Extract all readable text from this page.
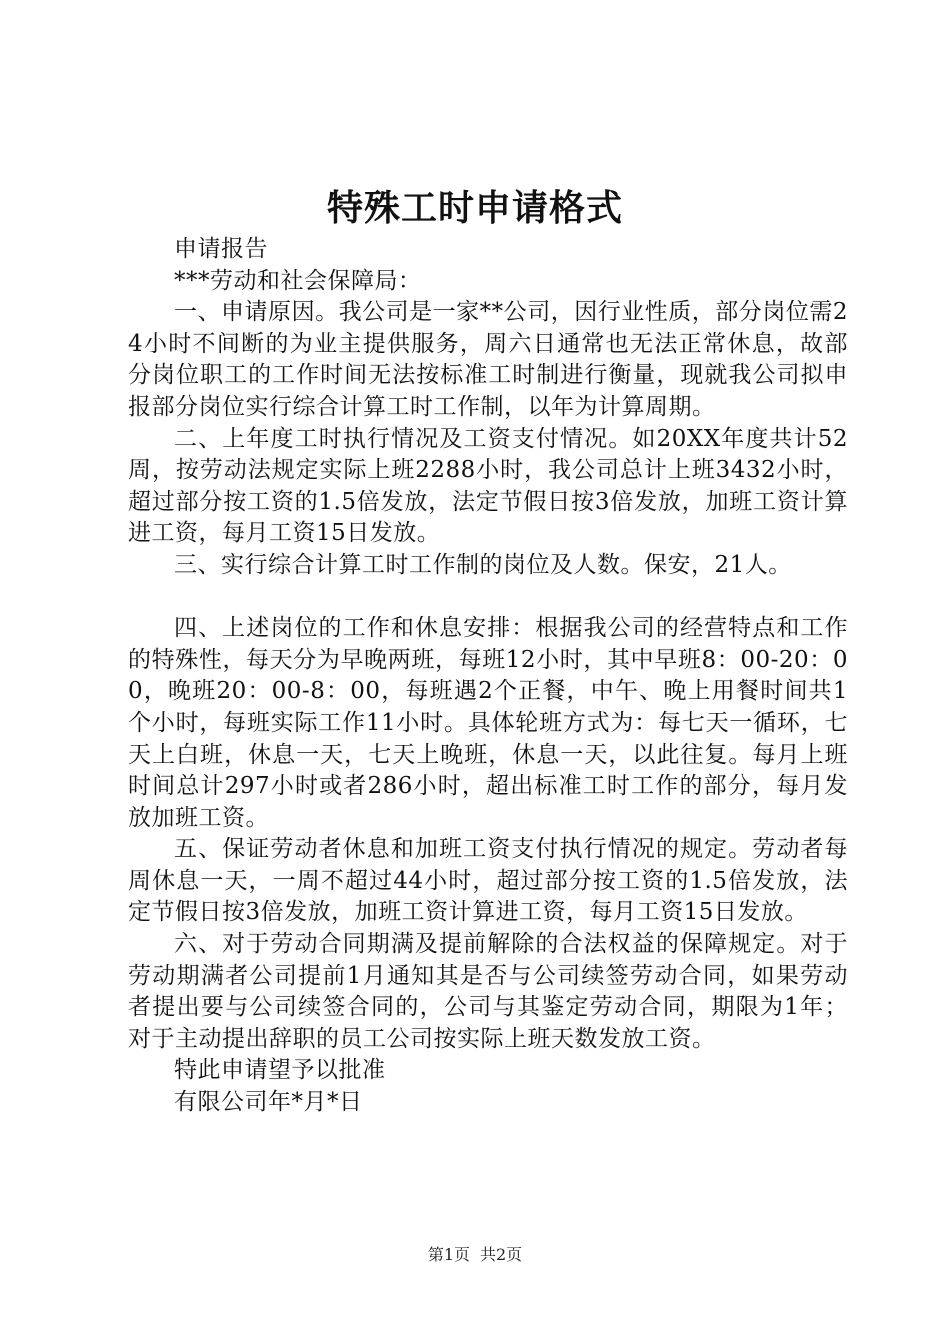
特殊工时申请格式

申请报告

***劳动和社会保障局：

一、申请原因。我公司是一家**公司，因行业性质，部分岗位需24小时不间断的为业主提供服务，周六日通常也无法正常休息，故部分岗位职工的工作时间无法按标准工时制进行衡量，现就我公司拟申报部分岗位实行综合计算工时工作制，以年为计算周期。

二、上年度工时执行情况及工资支付情况。如20XX年度共计52周，按劳动法规定实际上班2288小时，我公司总计上班3432小时，超过部分按工资的1.5倍发放，法定节假日按3倍发放，加班工资计算进工资，每月工资15日发放。

三、实行综合计算工时工作制的岗位及人数。保安，21人。

四、上述岗位的工作和休息安排：根据我公司的经营特点和工作的特殊性，每天分为早晚两班，每班12小时，其中早班8：00-20：00，晚班20：00-8：00，每班遇2个正餐，中午、晚上用餐时间共1个小时，每班实际工作11小时。具体轮班方式为：每七天一循环，七天上白班，休息一天，七天上晚班，休息一天，以此往复。每月上班时间总计297小时或者286小时，超出标准工时工作的部分，每月发放加班工资。

五、保证劳动者休息和加班工资支付执行情况的规定。劳动者每周休息一天，一周不超过44小时，超过部分按工资的1.5倍发放，法定节假日按3倍发放，加班工资计算进工资，每月工资15日发放。

六、对于劳动合同期满及提前解除的合法权益的保障规定。对于劳动期满者公司提前1月通知其是否与公司续签劳动合同，如果劳动者提出要与公司续签合同的，公司与其鉴定劳动合同，期限为1年；对于主动提出辞职的员工公司按实际上班天数发放工资。

特此申请望予以批准

有限公司年*月*日

第1页 共2页
